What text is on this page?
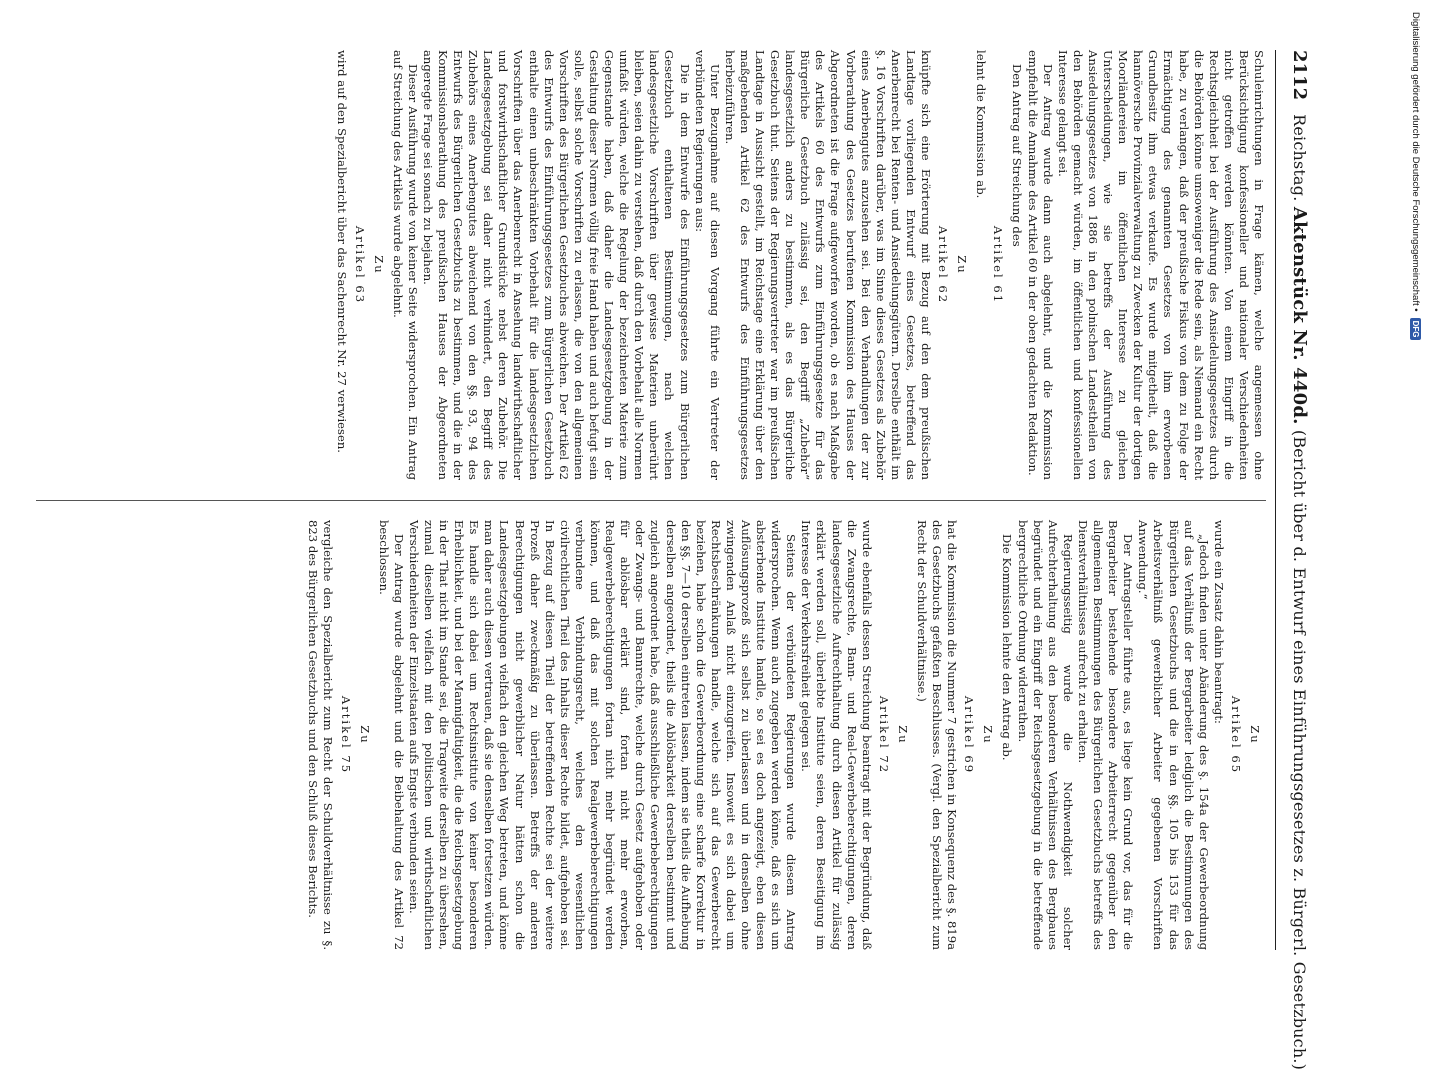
2112
Reichstag. Aktenstück Nr. 440d. (Bericht über d. Entwurf eines Einführungsgesetzes z. Bürgerl. Gesetzbuch.)

Schuleinrichtungen in Frage kämen, welche angemessen ohne Berücksichtigung konfessioneller und nationaler Verschiedenheiten nicht getroffen werden könnten. Von einem Eingriff in die Rechtsgleichheit bei der Ausführung des Ansiedelungsgesetzes durch die Behörden könne umsoweniger die Rede sein, als Niemand ein Recht habe, zu verlangen, daß der preußische Fiskus von dem zu Folge der Ermächtigung des genannten Gesetzes von ihm erworbenen Grundbesitz ihm etwas verkaufe. Es wurde mitgetheilt, daß die hannöversche Provinzialverwaltung zu Zwecken der Kultur der dortigen Moorländereien im öffentlichen Interesse zu gleichen Unterscheidungen, wie sie betreffs der Ausführung des Ansiedelungsgesetzes von 1886 in den polnischen Landestheilen von den Behörden gemacht würden, im öffentlichen und konfessionellen Interesse gelangt sei.

Der Antrag wurde dann auch abgelehnt, und die Kommission empfiehlt die Annahme des Artikel 60 in der oben gedachten Redaktion.

Den Antrag auf Streichung des

Artikel 61

lehnt die Kommission ab.

Zu
Artikel 62

knüpfte sich eine Erörterung mit Bezug auf den dem preußischen Landtage vorliegenden Entwurf eines Gesetzes, betreffend das Anerbenrecht bei Renten- und Ansiedelungsgütern. Derselbe enthält im §. 16 Vorschriften darüber, was im Sinne dieses Gesetzes als Zubehör eines Anerbengutes anzusehen sei. Bei den Verhandlungen der zur Vorberathung des Gesetzes berufenen Kommission des Hauses der Abgeordneten ist die Frage aufgeworfen worden, ob es nach Maßgabe des Artikels 60 des Entwurfs zum Einführungsgesetze für das Bürgerliche Gesetzbuch zulässig sei, den Begriff „Zubehör“ landesgesetzlich anders zu bestimmen, als es das Bürgerliche Gesetzbuch thut. Seitens der Regierungsvertreter war im preußischen Landtage in Aussicht gestellt, im Reichstage eine Erklärung über den maßgebenden Artikel 62 des Entwurfs des Einführungsgesetzes herbeizuführen.

Unter Bezugnahme auf diesen Vorgang führte ein Vertreter der verbündeten Regierungen aus:

Die in dem Entwurfe des Einführungsgesetzes zum Bürgerlichen Gesetzbuch enthaltenen Bestimmungen, nach welchen landesgesetzliche Vorschriften über gewisse Materien unberührt bleiben, seien dahin zu verstehen, daß durch den Vorbehalt alle Normen umfaßt würden, welche die Regelung der bezeichneten Materie zum Gegenstande haben, daß daher die Landesgesetzgebung in der Gestaltung dieser Normen völlig freie Hand haben und auch befugt sein solle, selbst solche Vorschriften zu erlassen, die von den allgemeinen Vorschriften des Bürgerlichen Gesetzbuches abweichen. Der Artikel 62 des Entwurfs des Einführungsgesetzes zum Bürgerlichen Gesetzbuch enthalte einen unbeschränkten Vorbehalt für die landesgesetzlichen Vorschriften über das Anerbenrecht in Ansehung landwirthschaftlicher und forstwirthschaftlicher Grundstücke nebst deren Zubehör. Die Landesgesetzgebung sei daher nicht verhindert, den Begriff des Zubehörs eines Anerbengutes abweichend von den §§. 93, 94 des Entwurfs des Bürgerlichen Gesetzbuchs zu bestimmen, und die in der Kommissionsberathung des preußischen Hauses der Abgeordneten angeregte Frage sei sonach zu bejahen.

Dieser Ausführung wurde von keiner Seite widersprochen. Ein Antrag auf Streichung des Artikels wurde abgelehnt.

Zu
Artikel 63

wird auf den Spezialbericht über das Sachenrecht Nr. 27 verwiesen.

Zu
Artikel 65

wurde ein Zusatz dahin beantragt:

„Jedoch finden unter Abänderung des §. 154a der Gewerbeordnung auf das Verhältniß der Bergarbeiter lediglich die Bestimmungen des Bürgerlichen Gesetzbuchs und die in den §§. 105 bis 153 für das Arbeitsverhältniß gewerblicher Arbeiter gegebenen Vorschriften Anwendung.“

Der Antragsteller führte aus, es liege kein Grund vor, das für die Bergarbeiter bestehende besondere Arbeiterrecht gegenüber den allgemeinen Bestimmungen des Bürgerlichen Gesetzbuchs betreffs des Dienstverhältnisses aufrecht zu erhalten.

Regierungsseitig wurde die Nothwendigkeit solcher Aufrechterhaltung aus den besonderen Verhältnissen des Bergbaues begründet und ein Eingriff der Reichsgesetzgebung in die betreffende bergrechtliche Ordnung widerrathen.

Die Kommission lehnte den Antrag ab.

Zu
Artikel 69

hat die Kommission die Nummer 7 gestrichen in Konsequenz des §. 819a des Gesetzbuchs gefaßten Beschlusses. (Vergl. den Spezialbericht zum Recht der Schuldverhältnisse.)

Zu
Artikel 72

wurde ebenfalls dessen Streichung beantragt mit der Begründung, daß die Zwangsrechte, Bann- und Real-Gewerbeberechtigungen, deren landesgesetzliche Aufrechthaltung durch diesen Artikel für zulässig erklärt werden soll, überlebte Institute seien, deren Beseitigung im Interesse der Verkehrsfreiheit gelegen sei.

Seitens der verbündeten Regierungen wurde diesem Antrag widersprochen. Wenn auch zugegeben werden könne, daß es sich um absterbende Institute handle, so sei es doch angezeigt, eben diesen Auflösungsprozeß sich selbst zu überlassen und in denselben ohne zwingenden Anlaß nicht einzugreifen. Insoweit es sich dabei um Rechtsbeschränkungen handle, welche sich auf das Gewerberecht beziehen, habe schon die Gewerbeordnung eine scharfe Korrektur in den §§. 7—10 derselben eintreten lassen, indem sie theils die Aufhebung derselben angeordnet, theils die Ablösbarkeit derselben bestimmt und zugleich angeordnet habe, daß ausschließliche Gewerbeberechtigungen oder Zwangs- und Bannrechte, welche durch Gesetz aufgehoben oder für ablösbar erklärt sind, fortan nicht mehr erworben, Realgewerbeberechtigungen fortan nicht mehr begründet werden können, und daß das mit solchen Realgewerbeberechtigungen verbundene Verbindungsrecht, welches den wesentlichen civilrechtlichen Theil des Inhalts dieser Rechte bildet, aufgehoben sei. In Bezug auf diesen Theil der betreffenden Rechte sei der weitere Prozeß daher zweckmäßig zu überlassen. Betreffs der anderen Berechtigungen nicht gewerblicher Natur hätten schon die Landesgesetzgebungen vielfach den gleichen Weg betreten, und könne man daher auch diesen vertrauen, daß sie denselben fortsetzen würden. Es handle sich dabei um Rechtsinstitute von keiner besonderen Erheblichkeit, und bei der Mannigfaltigkeit, die die Reichsgesetzgebung in der That nicht im Stande sei, die Tragweite derselben zu übersehen, zumal dieselben vielfach mit den politischen und wirthschaftlichen Verschiedenheiten der Einzelstaaten aufs Engste verbunden seien.

Der Antrag wurde abgelehnt und die Beibehaltung des Artikel 72 beschlossen.

Zu
Artikel 75

vergleiche den Spezialbericht zum Recht der Schuldverhältnisse zu §. 823 des Bürgerlichen Gesetzbuchs und den Schluß dieses Berichts.

Digitalisierung gefördert durch die Deutsche Forschungsgemeinschaft •
DFG
